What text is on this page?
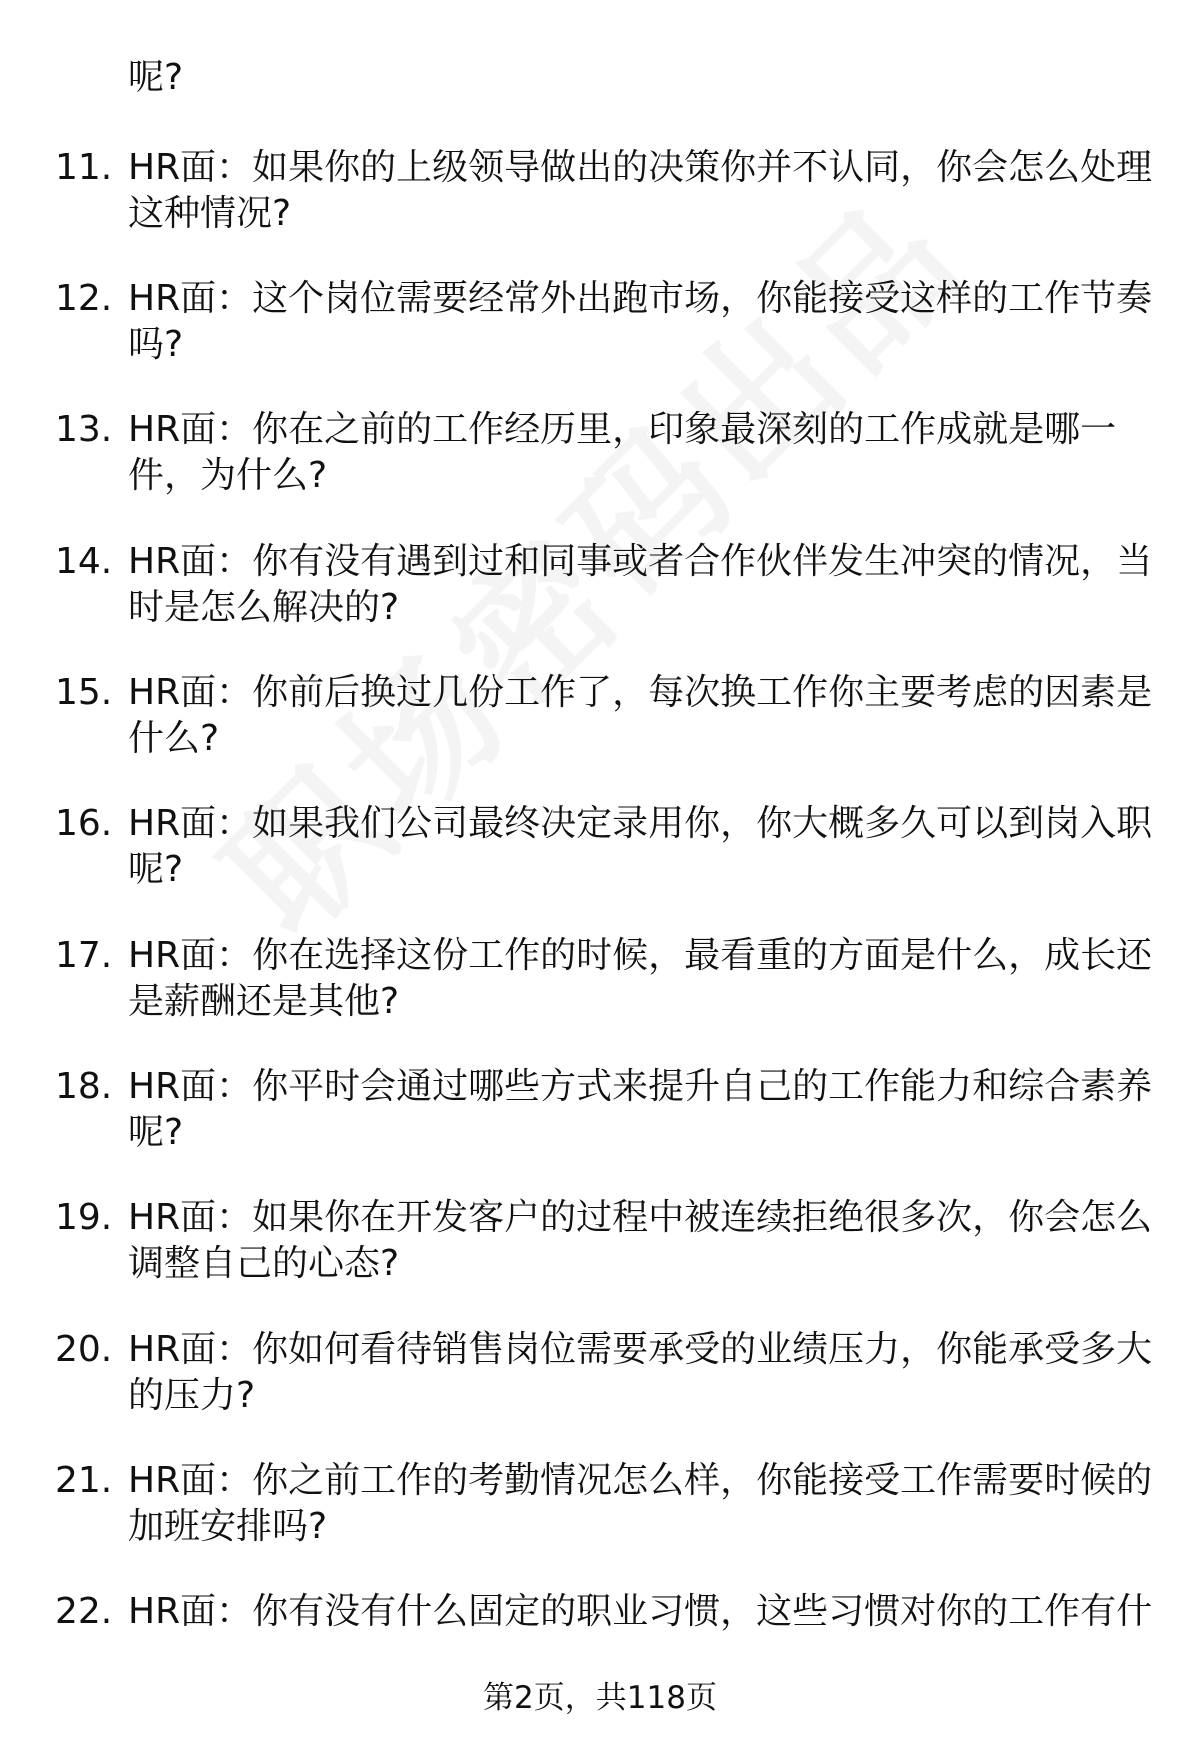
呢?
11. HR面：如果你的上级领导做出的决策你并不认同，你会怎么处理
这种情况?
12. HR面：这个岗位需要经常外出跑市场，你能接受这样的工作节奏
吗?
13. HR面：你在之前的工作经历里，印象最深刻的工作成就是哪一
件，为什么?
14. HR面：你有没有遇到过和同事或者合作伙伴发生冲突的情况，当
时是怎么解决的?
15. HR面：你前后换过几份工作了，每次换工作你主要考虑的因素是
什么?
16. HR面：如果我们公司最终决定录用你，你大概多久可以到岗入职
呢?
17. HR面：你在选择这份工作的时候，最看重的方面是什么，成长还
是薪酬还是其他?
18. HR面：你平时会通过哪些方式来提升自己的工作能力和综合素养
呢?
19. HR面：如果你在开发客户的过程中被连续拒绝很多次，你会怎么
调整自己的心态?
20. HR面：你如何看待销售岗位需要承受的业绩压力，你能承受多大
的压力?
21. HR面：你之前工作的考勤情况怎么样，你能接受工作需要时候的
加班安排吗?
22. HR面：你有没有什么固定的职业习惯，这些习惯对你的工作有什
第2页，共118页
